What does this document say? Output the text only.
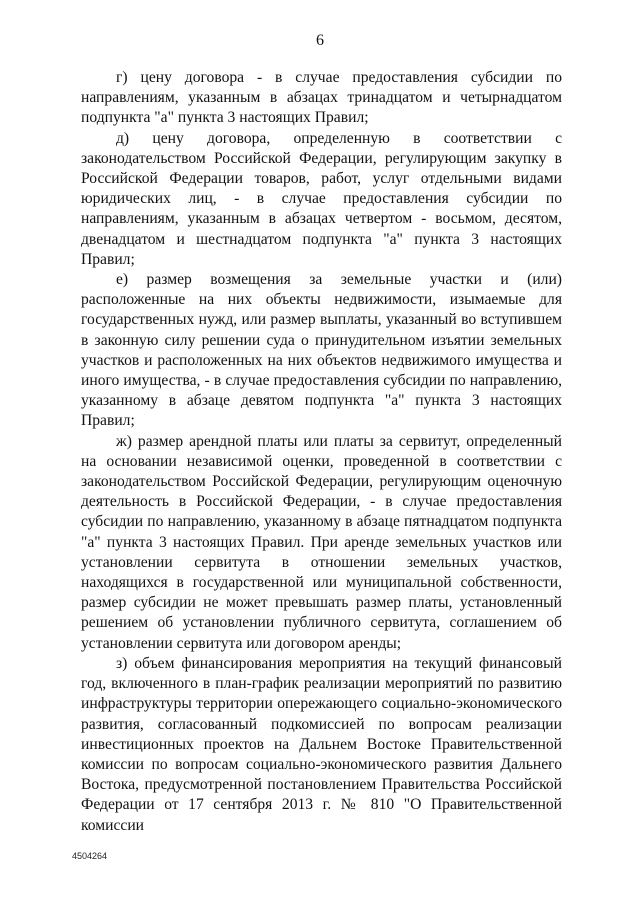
6

г) цену договора - в случае предоставления субсидии по направлениям, указанным в абзацах тринадцатом и четырнадцатом подпункта "а" пункта 3 настоящих Правил;

д) цену договора, определенную в соответствии с законодательством Российской Федерации, регулирующим закупку в Российской Федерации товаров, работ, услуг отдельными видами юридических лиц, - в случае предоставления субсидии по направлениям, указанным в абзацах четвертом - восьмом, десятом, двенадцатом и шестнадцатом подпункта "а" пункта 3 настоящих Правил;

е) размер возмещения за земельные участки и (или) расположенные на них объекты недвижимости, изымаемые для государственных нужд, или размер выплаты, указанный во вступившем в законную силу решении суда о принудительном изъятии земельных участков и расположенных на них объектов недвижимого имущества и иного имущества, - в случае предоставления субсидии по направлению, указанному в абзаце девятом подпункта "а" пункта 3 настоящих Правил;

ж) размер арендной платы или платы за сервитут, определенный на основании независимой оценки, проведенной в соответствии с законодательством Российской Федерации, регулирующим оценочную деятельность в Российской Федерации, - в случае предоставления субсидии по направлению, указанному в абзаце пятнадцатом подпункта "а" пункта 3 настоящих Правил. При аренде земельных участков или установлении сервитута в отношении земельных участков, находящихся в государственной или муниципальной собственности, размер субсидии не может превышать размер платы, установленный решением об установлении публичного сервитута, соглашением об установлении сервитута или договором аренды;

з) объем финансирования мероприятия на текущий финансовый год, включенного в план-график реализации мероприятий по развитию инфраструктуры территории опережающего социально-экономического развития, согласованный подкомиссией по вопросам реализации инвестиционных проектов на Дальнем Востоке Правительственной комиссии по вопросам социально-экономического развития Дальнего Востока, предусмотренной постановлением Правительства Российской Федерации от 17 сентября 2013 г. № 810 "О Правительственной комиссии

4504264
